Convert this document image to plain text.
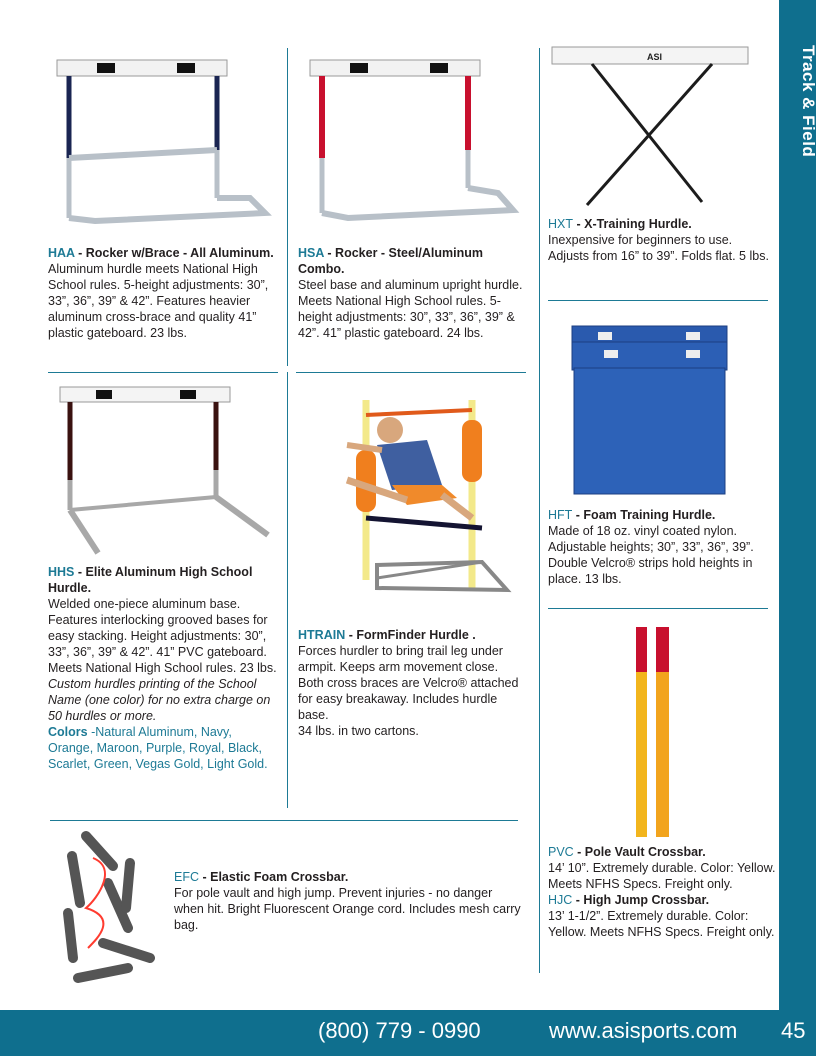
Track & Field
HAA - Rocker w/Brace - All Aluminum.
Aluminum hurdle meets National High School rules. 5-height adjustments: 30”, 33”, 36”, 39” & 42”. Features heavier aluminum cross-brace and quality 41” plastic gateboard. 23 lbs.
HSA - Rocker - Steel/Aluminum Combo.
Steel base and aluminum upright hurdle. Meets National High School rules. 5-height adjustments: 30”, 33”, 36”, 39” & 42”. 41” plastic gateboard. 24 lbs.
ASI
HXT - X-Training Hurdle.
Inexpensive for beginners to use. Adjusts from 16” to 39”. Folds flat. 5 lbs.
HHS - Elite Aluminum High School Hurdle.
Welded one-piece aluminum base. Features interlocking grooved bases for easy stacking. Height adjustments: 30”, 33”, 36”, 39” & 42”. 41” PVC gateboard. Meets National High School rules. 23 lbs.
Custom hurdles printing of the School Name (one color) for no extra charge on 50 hurdles or more.
Colors -Natural Aluminum, Navy, Orange, Maroon, Purple, Royal, Black, Scarlet, Green, Vegas Gold, Light Gold.
HTRAIN - FormFinder Hurdle .
Forces hurdler to bring trail leg under armpit. Keeps arm movement close. Both cross braces are Velcro® attached for easy breakaway. Includes hurdle base.
34 lbs. in two cartons.
HFT - Foam Training Hurdle.
Made of 18 oz. vinyl coated nylon. Adjustable heights; 30”, 33”, 36”, 39”. Double Velcro® strips hold heights in place. 13 lbs.
PVC - Pole Vault Crossbar.
14’ 10”. Extremely durable. Color: Yellow. Meets NFHS Specs. Freight only.
HJC - High Jump Crossbar.
13’ 1-1/2”. Extremely durable. Color: Yellow. Meets NFHS Specs. Freight only.
EFC - Elastic Foam Crossbar.
For pole vault and high jump. Prevent injuries - no danger when hit. Bright Fluorescent Orange cord. Includes mesh carry bag.
(800) 779 - 0990	www.asisports.com 45
